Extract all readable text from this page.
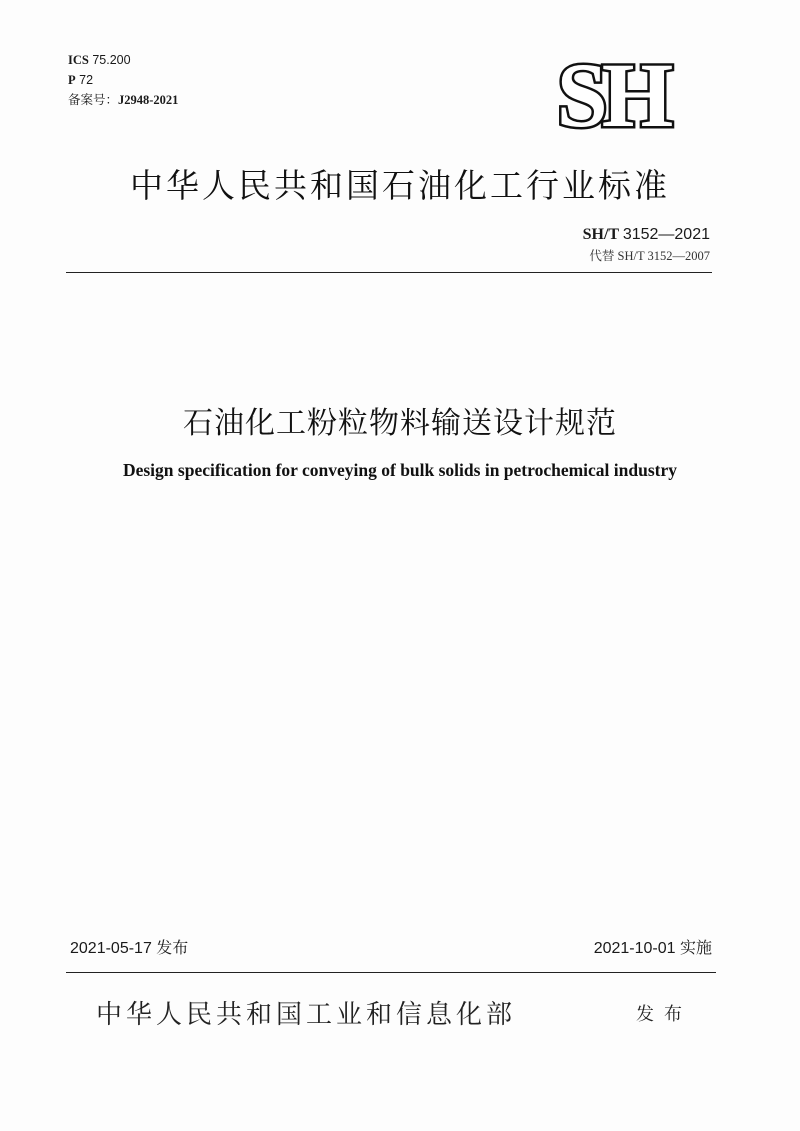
ICS 75.200
P 72
备案号：J2948-2021	SH
中华人民共和国石油化工行业标准
SH/T 3152—2021
代替 SH/T 3152—2007
石油化工粉粒物料输送设计规范
Design specification for conveying of bulk solids in petrochemical industry
2021-05-17 发布	2021-10-01 实施
中华人民共和国工业和信息化部	发布
